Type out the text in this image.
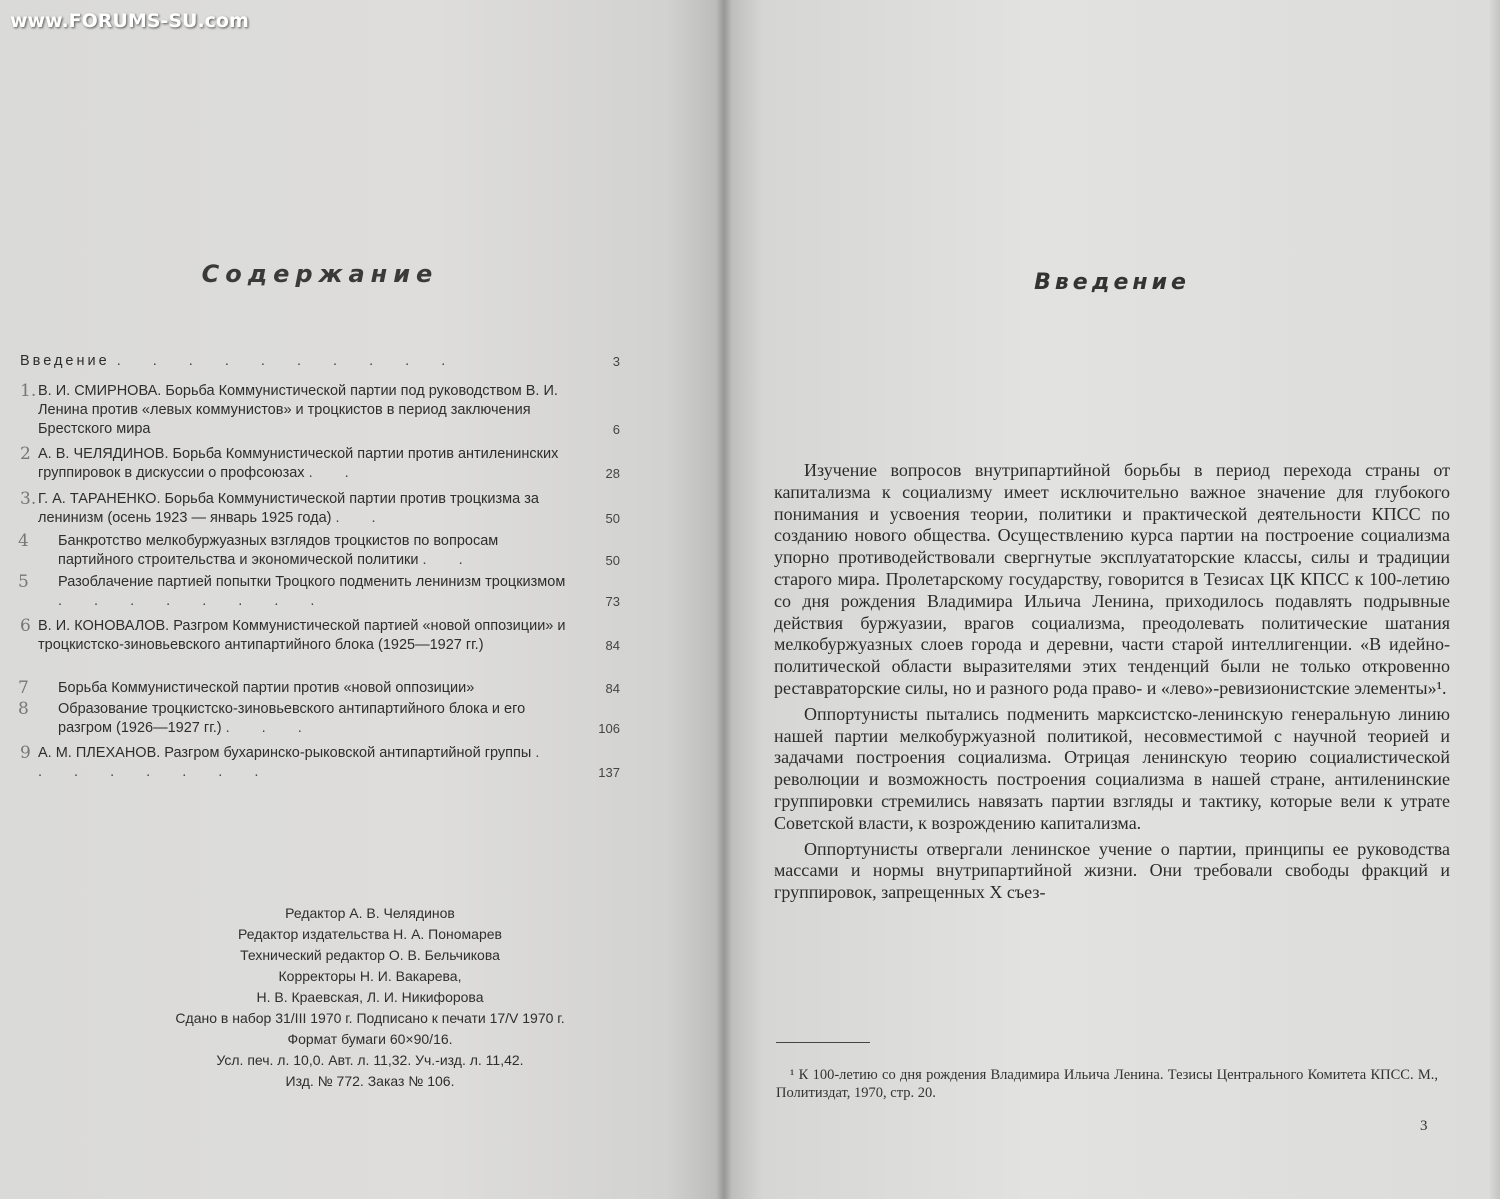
www.FORUMS-SU.com
Содержание
Введение . . . . . . . . . .	3
1. В. И. СМИРНОВА. Борьба Коммунистической партии под руководством В. И. Ленина против «левых коммунистов» и троцкистов в период заключения Брестского мира	6
2 А. В. ЧЕЛЯДИНОВ. Борьба Коммунистической партии против антиленинских группировок в дискуссии о профсоюзах . .	28
3. Г. А. ТАРАНЕНКО. Борьба Коммунистической партии против троцкизма за ленинизм (осень 1923 — январь 1925 года) . .	50
4	Банкротство мелкобуржуазных взглядов троцкистов по вопросам партийного строительства и экономической политики . .	50
5	Разоблачение партией попытки Троцкого подменить ленинизм троцкизмом . . . . . . . .	73
6 В. И. КОНОВАЛОВ. Разгром Коммунистической партией «новой оппозиции» и троцкистско-зиновьевского антипартийного блока (1925—1927 гг.)	84
7	Борьба Коммунистической партии против «новой оппозиции»	84
8	Образование троцкистско-зиновьевского антипартийного блока и его разгром (1926—1927 гг.) . . .	106
9 А. М. ПЛЕХАНОВ. Разгром бухаринско-рыковской антипартийной группы . . . . . . . .	137
Редактор А. В. Челядинов
Редактор издательства Н. А. Пономарев
Технический редактор О. В. Бельчикова
Корректоры Н. И. Вакарева,
Н. В. Краевская, Л. И. Никифорова
Сдано в набор 31/III 1970 г. Подписано к печати 17/V 1970 г.
Формат бумаги 60×90/16.
Усл. печ. л. 10,0. Авт. л. 11,32. Уч.-изд. л. 11,42.
Изд. № 772. Заказ № 106.
Введение

Изучение вопросов внутрипартийной борьбы в период перехода страны от капитализма к социализму имеет исключительно важное значение для глубокого понимания и усвоения теории, политики и практической деятельности КПСС по созданию нового общества. Осуществлению курса партии на построение социализма упорно противодействовали свергнутые эксплуататорские классы, силы и традиции старого мира. Пролетарскому государству, говорится в Тезисах ЦК КПСС к 100-летию со дня рождения Владимира Ильича Ленина, приходилось подавлять подрывные действия буржуазии, врагов социализма, преодолевать политические шатания мелкобуржуазных слоев города и деревни, части старой интеллигенции. «В идейно-политической области выразителями этих тенденций были не только откровенно реставраторские силы, но и разного рода право- и «лево»-ревизионистские элементы»¹.

Оппортунисты пытались подменить марксистско-ленинскую генеральную линию нашей партии мелкобуржуазной политикой, несовместимой с научной теорией и задачами построения социализма. Отрицая ленинскую теорию социалистической революции и возможность построения социализма в нашей стране, антиленинские группировки стремились навязать партии взгляды и тактику, которые вели к утрате Советской власти, к возрождению капитализма.

Оппортунисты отвергали ленинское учение о партии, принципы ее руководства массами и нормы внутрипартийной жизни. Они требовали свободы фракций и группировок, запрещенных X съез-

¹ К 100-летию со дня рождения Владимира Ильича Ленина. Тезисы Центрального Комитета КПСС. М., Политиздат, 1970, стр. 20.
3
